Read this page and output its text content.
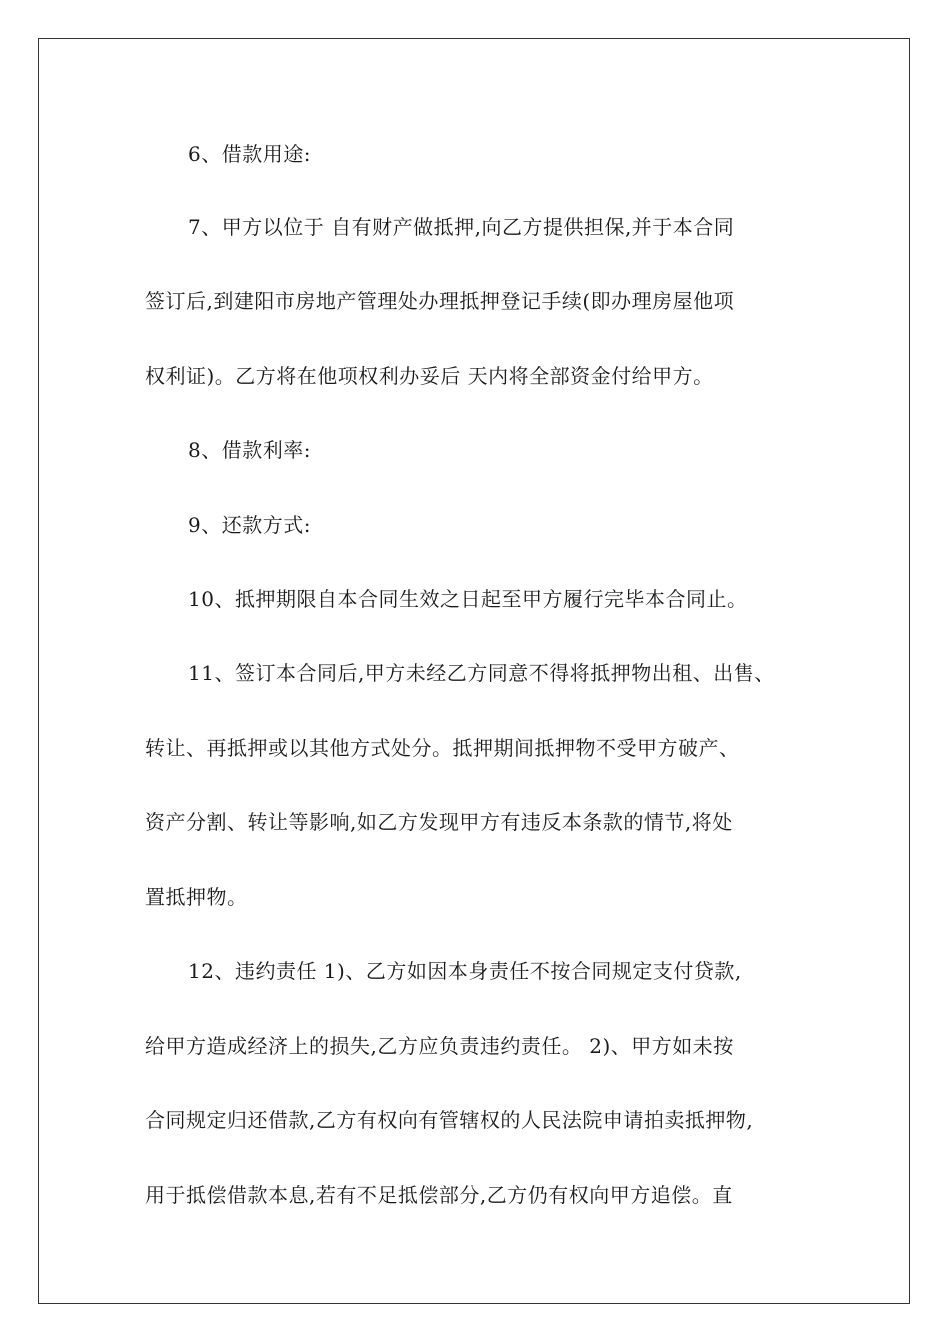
6、借款用途:
7、甲方以位于 自有财产做抵押,向乙方提供担保,并于本合同
签订后,到建阳市房地产管理处办理抵押登记手续(即办理房屋他项
权利证)。乙方将在他项权利办妥后 天内将全部资金付给甲方。
8、借款利率:
9、还款方式:
10、抵押期限自本合同生效之日起至甲方履行完毕本合同止。
11、签订本合同后,甲方未经乙方同意不得将抵押物出租、出售、
转让、再抵押或以其他方式处分。抵押期间抵押物不受甲方破产、
资产分割、转让等影响,如乙方发现甲方有违反本条款的情节,将处
置抵押物。
12、违约责任 1)、乙方如因本身责任不按合同规定支付贷款,
给甲方造成经济上的损失,乙方应负责违约责任。 2)、甲方如未按
合同规定归还借款,乙方有权向有管辖权的人民法院申请拍卖抵押物,
用于抵偿借款本息,若有不足抵偿部分,乙方仍有权向甲方追偿。直
